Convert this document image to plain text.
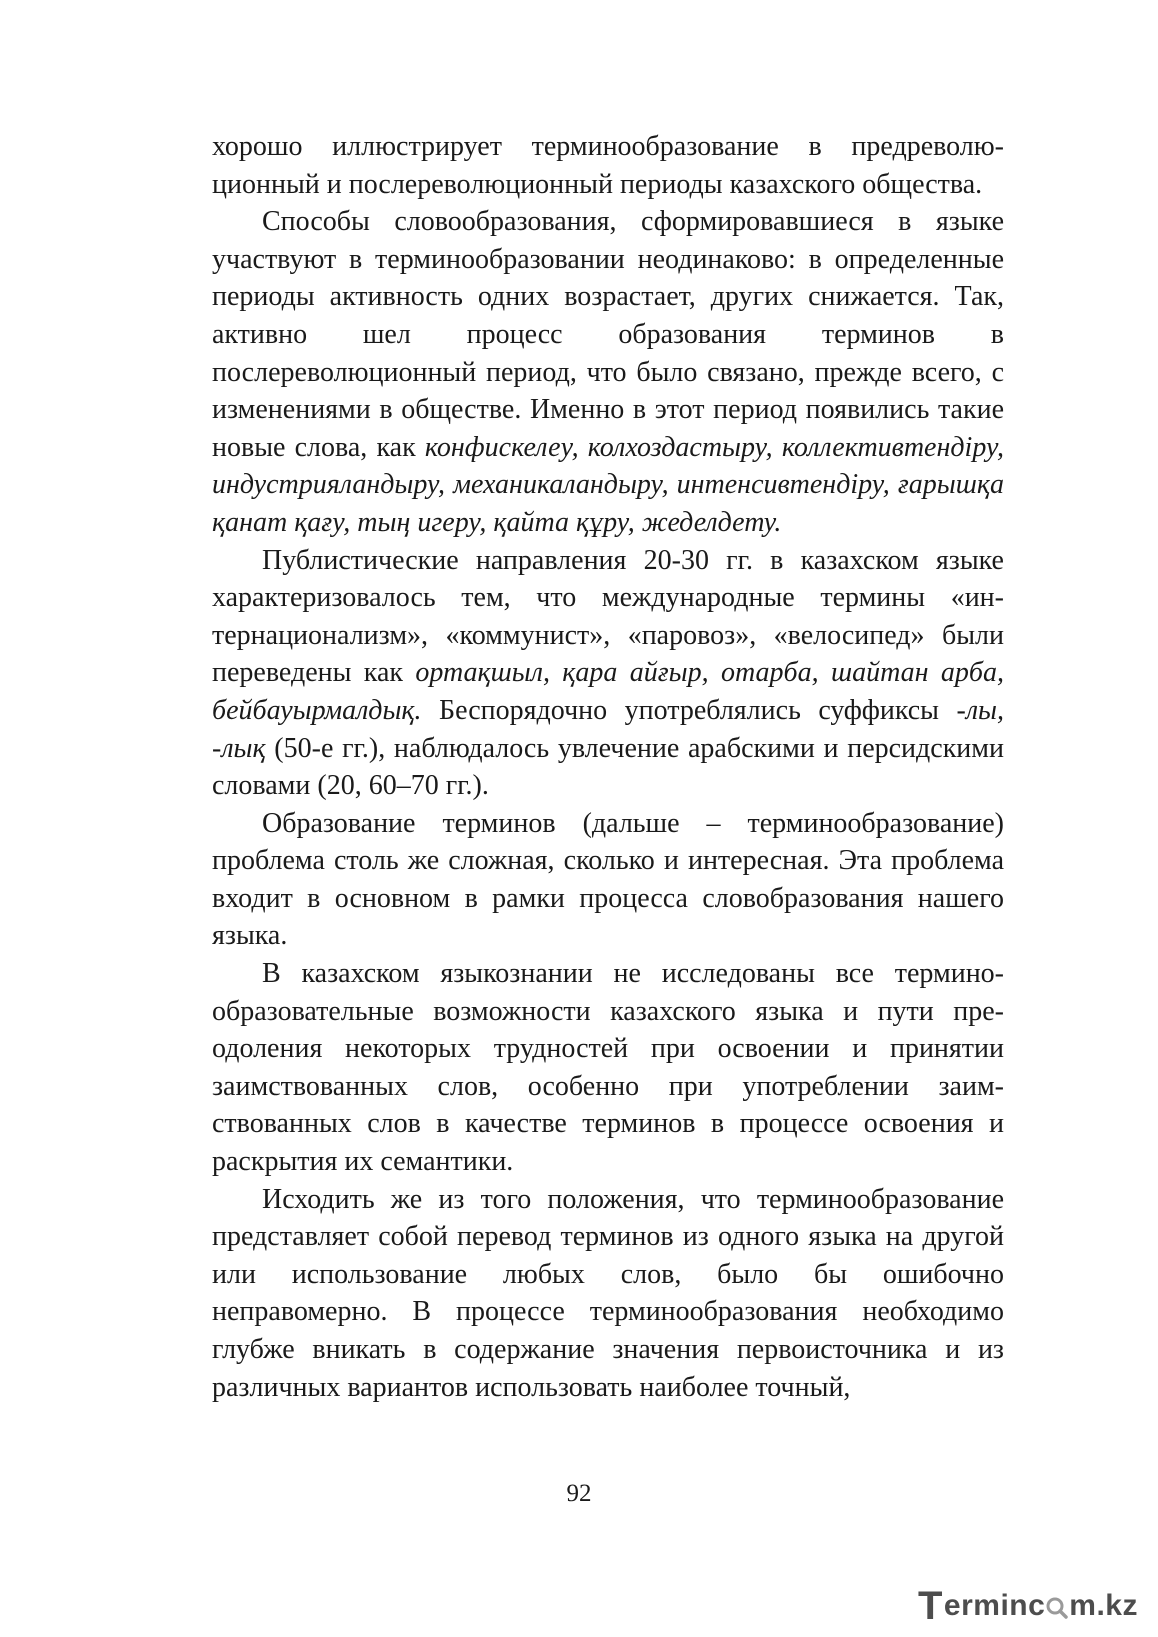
хорошо иллюстрирует терминообразование в предреволюционный и послереволюционный периоды казахского общества.

Способы словообразования, сформировавшиеся в языке участвуют в терминообразовании неодинаково: в определенные периоды активность одних возрастает, других снижается. Так, активно шел процесс образования терминов в послереволюционный период, что было связано, прежде всего, с изменениями в обществе. Именно в этот период появились такие новые слова, как конфискелеу, колхоздастыру, коллективтендіру, индустрияландыру, механикаландыру, интенсивтендіру, ғарышқа қанат қағу, тың игеру, қайта құру, жеделдету.

Публистические направления 20-30 гг. в казахском языке характеризовалось тем, что международные термины «интернационализм», «коммунист», «паровоз», «велосипед» были переведены как ортақшыл, қара айғыр, отарба, шайтан арба, бейбауырмалдық. Беспорядочно употреблялись суффиксы -лы, -лық (50-е гг.), наблюдалось увлечение арабскими и персидскими словами (20, 60–70 гг.).

Образование терминов (дальше – терминообразование) проблема столь же сложная, сколько и интересная. Эта проблема входит в основном в рамки процесса словобразования нашего языка.

В казахском языкознании не исследованы все терминообразовательные возможности казахского языка и пути преодоления некоторых трудностей при освоении и принятии заимствованных слов, особенно при употреблении заимствованных слов в качестве терминов в процессе освоения и раскрытия их семантики.

Исходить же из того положения, что терминообразование представляет собой перевод терминов из одного языка на другой или использование любых слов, было бы ошибочно неправомерно. В процессе терминообразования необходимо глубже вникать в содержание значения первоисточника и из различных вариантов использовать наиболее точный,

92
T erminc m.kz
